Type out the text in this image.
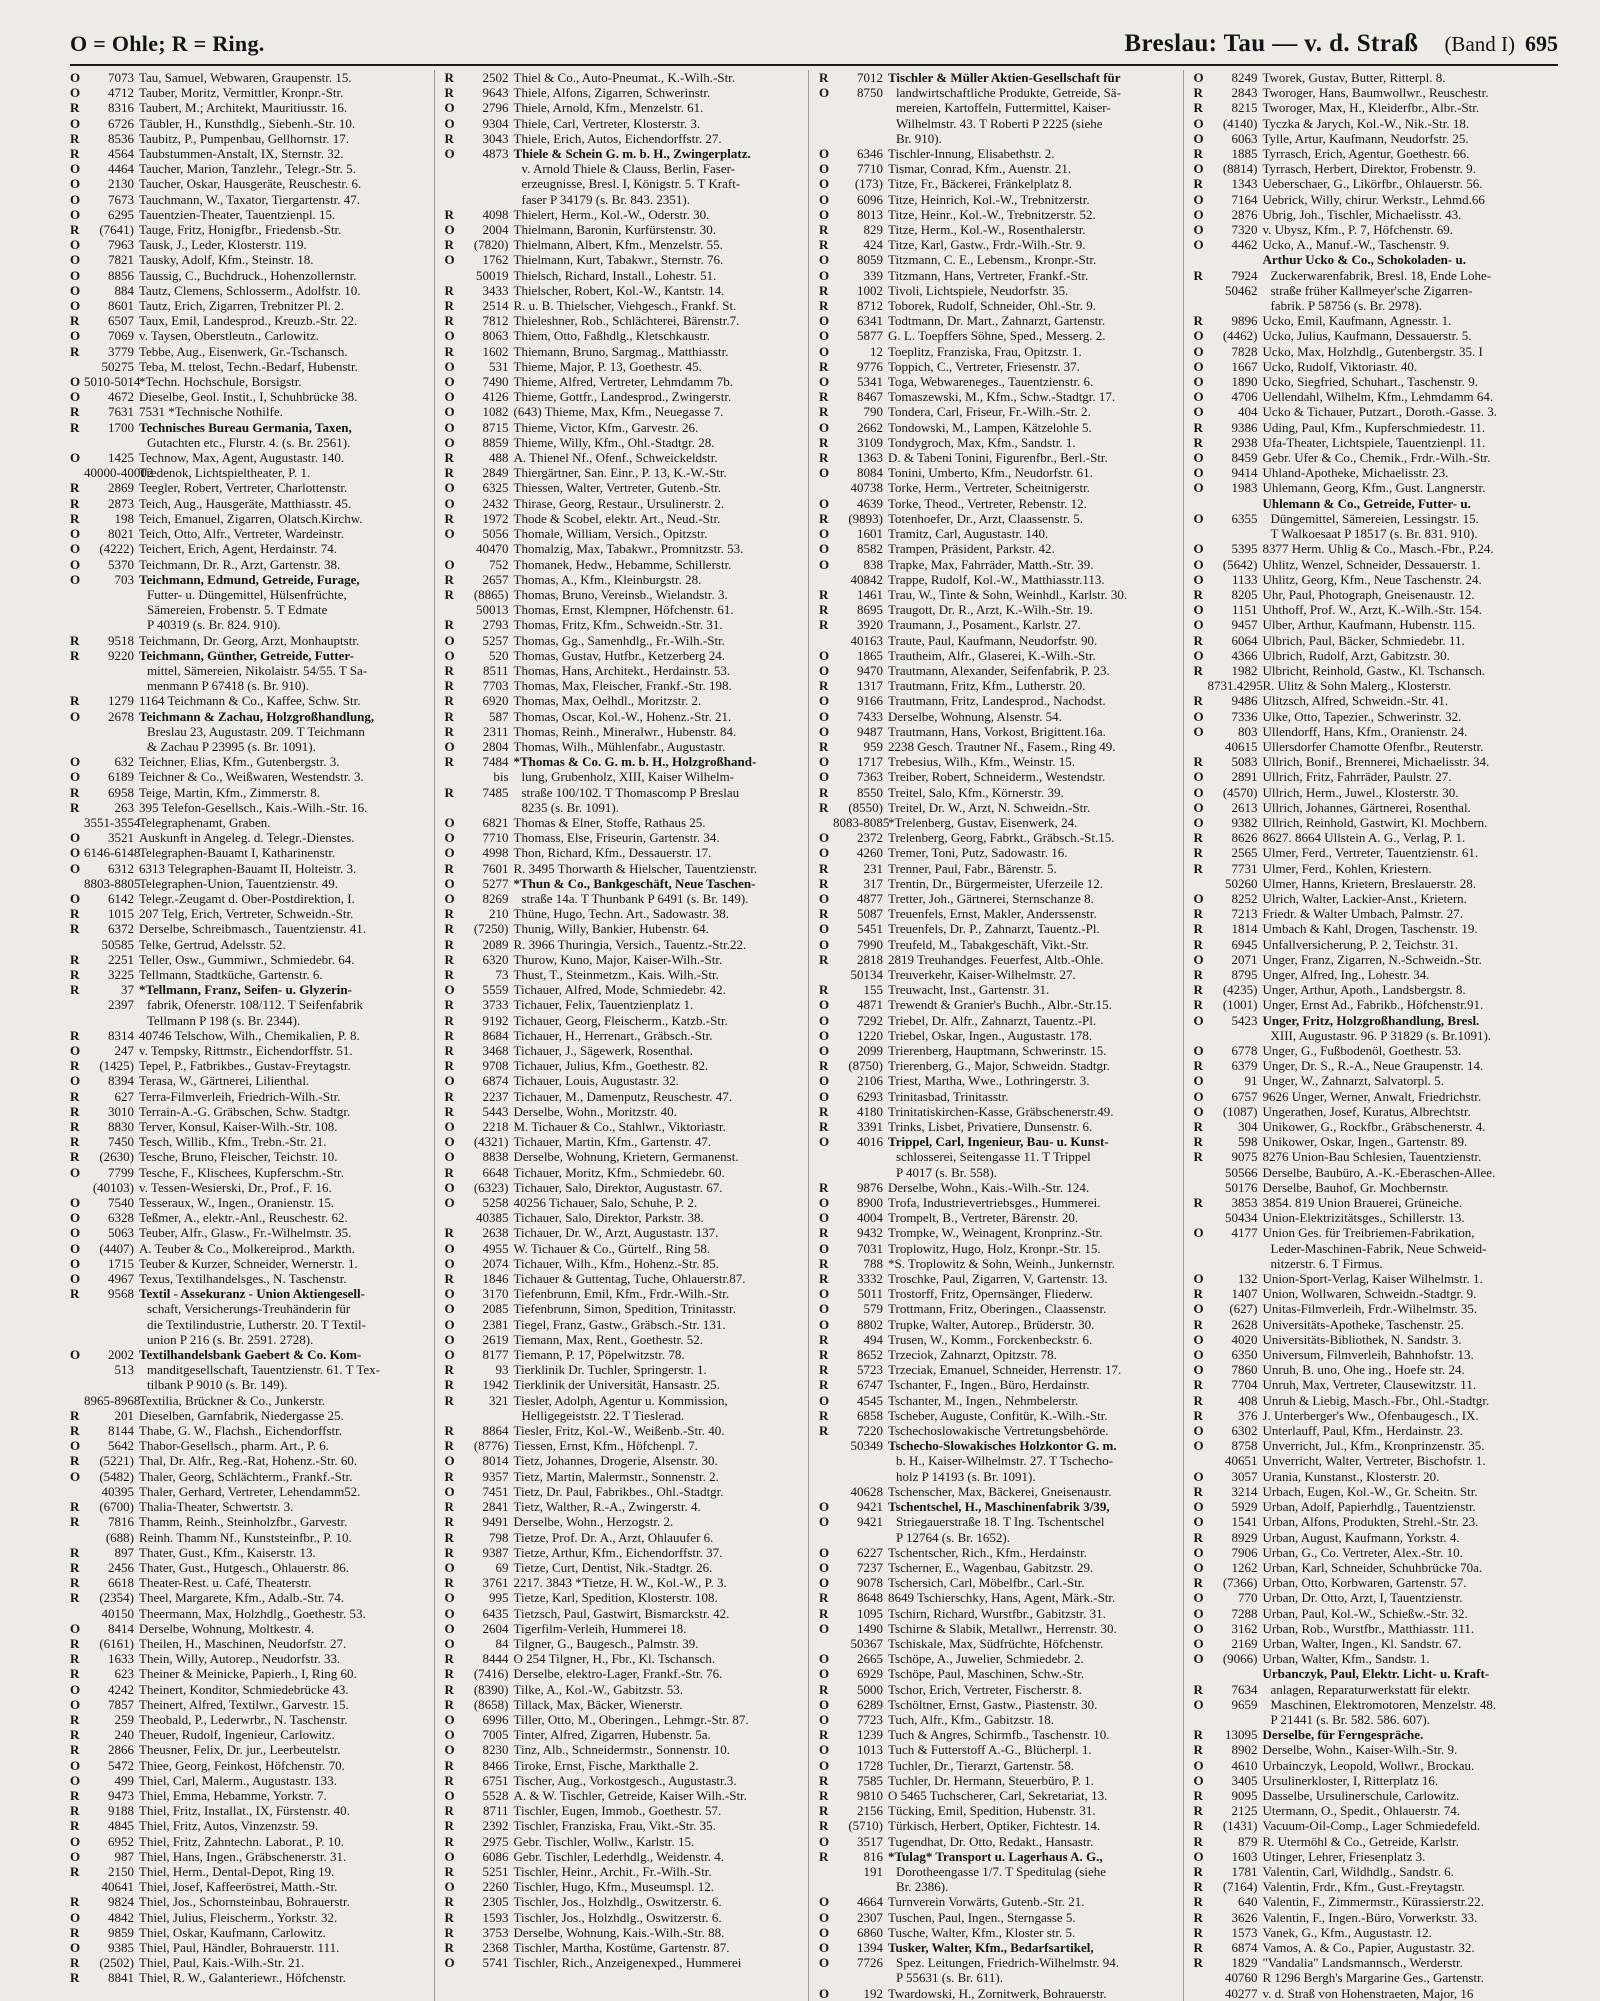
O = Ohle; R = Ring.	Breslau: Tau — v. d. Straß (Band I) 695
O	7073 Tau, Samuel, Webwaren, Graupenstr. 15.
O	4712 Tauber, Moritz, Vermittler, Kronpr.-Str.
R	8316 Taubert, M.; Architekt, Mauritiusstr. 16.
O	6726 Täubler, H., Kunsthdlg., Siebenh.-Str. 10.
R	8536 Taubitz, P., Pumpenbau, Gellhornstr. 17.
R	4564 Taubstummen-Anstalt, IX, Sternstr. 32.
O	4464 Taucher, Marion, Tanzlehr., Telegr.-Str. 5.
O	2130 Taucher, Oskar, Hausgeräte, Reuschestr. 6.
O	7673 Tauchmann, W., Taxator, Tiergartenstr. 47.
O	6295 Tauentzien-Theater, Tauentzienpl. 15.
R	(7641) Tauge, Fritz, Honigfbr., Friedensb.-Str.
O	7963 Tausk, J., Leder, Klosterstr. 119.
O	7821 Tausky, Adolf, Kfm., Steinstr. 18.
O	8856 Taussig, C., Buchdruck., Hohenzollernstr.
O	884 Tautz, Clemens, Schlosserm., Adolfstr. 10.
O	8601 Tautz, Erich, Zigarren, Trebnitzer Pl. 2.
R	6507 Taux, Emil, Landesprod., Kreuzb.-Str. 22.
O	7069 v. Taysen, Oberstleutn., Carlowitz.
R	3779 Tebbe, Aug., Eisenwerk, Gr.-Tschansch.
50275 Teba, M. ttelost, Techn.-Bedarf, Hubenstr.
O 5010-5014
*Techn. Hochschule, Borsigstr.
O	4672 Dieselbe, Geol. Instit., I, Schuhbrücke 38.
R	7631 7531 *Technische Nothilfe.
R	1700 Technisches Bureau Germania, Taxen,
Gutachten etc., Flurstr. 4. (s. Br. 2561).
O	1425 Technow, Max, Agent, Augustastr. 140.
40000-40002
Tredenok, Lichtspieltheater, P. 1.
R	2869 Teegler, Robert, Vertreter, Charlottenstr.
R	2873 Teich, Aug., Hausgeräte, Matthiasstr. 45.
R	198 Teich, Emanuel, Zigarren, Olatsch.Kirchw.
O	8021 Teich, Otto, Alfr., Vertreter, Wardeinstr.
O	(4222) Teichert, Erich, Agent, Herdainstr. 74.
O	5370 Teichmann, Dr. R., Arzt, Gartenstr. 38.
O	703 Teichmann, Edmund, Getreide, Furage,
Futter- u. Düngemittel, Hülsenfrüchte,
Sämereien, Frobenstr. 5. T Edmate
P 40319 (s. Br. 824. 910).
R	9518 Teichmann, Dr. Georg, Arzt, Monhauptstr.
R	9220 Teichmann, Günther, Getreide, Futter-
mittel, Sämereien, Nikolaistr. 54/55. T Sa-
menmann P 67418 (s. Br. 910).
R	1279 1164 Teichmann & Co., Kaffee, Schw. Str.
O	2678 Teichmann & Zachau, Holzgroßhandlung,
Breslau 23, Augustastr. 209. T Teichmann
& Zachau P 23995 (s. Br. 1091).
O	632 Teichner, Elias, Kfm., Gutenbergstr. 3.
O	6189 Teichner & Co., Weißwaren, Westendstr. 3.
R	6958 Teige, Martin, Kfm., Zimmerstr. 8.
R	263 395 Telefon-Gesellsch., Kais.-Wilh.-Str. 16.
3551-3554
Telegraphenamt, Graben.
O	3521 Auskunft in Angeleg. d. Telegr.-Dienstes.
O 6146-6148
Telegraphen-Bauamt I, Katharinenstr.
O	6312 6313 Telegraphen-Bauamt II, Holteistr. 3.
8803-8805
Telegraphen-Union, Tauentzienstr. 49.
O	6142 Telegr.-Zeugamt d. Ober-Postdirektion, I.
R	1015 207 Telg, Erich, Vertreter, Schweidn.-Str.
R	6372 Derselbe, Schreibmasch., Tauentzienstr. 41.
50585 Telke, Gertrud, Adelsstr. 52.
R	2251 Teller, Osw., Gummiwr., Schmiedebr. 64.
R	3225 Tellmann, Stadtküche, Gartenstr. 6.
R	37 *Tellmann, Franz, Seifen- u. Glyzerin-
2397	fabrik, Ofenerstr. 108/112. T Seifenfabrik
Tellmann P 198 (s. Br. 2344).
R	8314 40746 Telschow, Wilh., Chemikalien, P. 8.
O	247 v. Tempsky, Rittmstr., Eichendorffstr. 51.
R	(1425) Tepel, P., Fatbrikbes., Gustav-Freytagstr.
O	8394 Terasa, W., Gärtnerei, Lilienthal.
R	627 Terra-Filmverleih, Friedrich-Wilh.-Str.
R	3010 Terrain-A.-G. Gräbschen, Schw. Stadtgr.
R	8830 Terver, Konsul, Kaiser-Wilh.-Str. 108.
R	7450 Tesch, Willib., Kfm., Trebn.-Str. 21.
R	(2630) Tesche, Bruno, Fleischer, Teichstr. 10.
O	7799 Tesche, F., Klischees, Kupferschm.-Str.
(40103) v. Tessen-Wesierski, Dr., Prof., F. 16.
O	7540 Tesseraux, W., Ingen., Oranienstr. 15.
O	6328 Teßmer, A., elektr.-Anl., Reuschestr. 62.
O	5063 Teuber, Alfr., Glasw., Fr.-Wilhelmstr. 35.
O	(4407) A. Teuber & Co., Molkereiprod., Markth.
O	1715 Teuber & Kurzer, Schneider, Wernerstr. 1.
O	4967 Texus, Textilhandelsges., N. Taschenstr.
R	9568 Textil - Assekuranz - Union Aktiengesell-
schaft, Versicherungs-Treuhänderin für
die Textilindustrie, Lutherstr. 20. T Textil-
union P 216 (s. Br. 2591. 2728).
O	2002 Textilhandelsbank Gaebert & Co. Kom-
513	manditgesellschaft, Tauentzienstr. 61. T Tex-
tilbank P 9010 (s. Br. 149).
8965-8968
Textilia, Brückner & Co., Junkerstr.
R	201 Dieselben, Garnfabrik, Niedergasse 25.
R	8144 Thabe, G. W., Flachsh., Eichendorffstr.
O	5642 Thabor-Gesellsch., pharm. Art., P. 6.
R	(5221) Thal, Dr. Alfr., Reg.-Rat, Hohenz.-Str. 60.
O	(5482) Thaler, Georg, Schlächterm., Frankf.-Str.
40395 Thaler, Gerhard, Vertreter, Lehendamm52.
R	(6700) Thalia-Theater, Schwertstr. 3.
R	7816 Thamm, Reinh., Steinholzfbr., Garvestr.
(688) Reinh. Thamm Nf., Kunststeinfbr., P. 10.
R	897 Thater, Gust., Kfm., Kaiserstr. 13.
R	2456 Thater, Gust., Hutgesch., Ohlauerstr. 86.
R	6618 Theater-Rest. u. Café, Theaterstr.
R	(2354) Theel, Margarete, Kfm., Adalb.-Str. 74.
40150 Theermann, Max, Holzhdlg., Goethestr. 53.
O	8414 Derselbe, Wohnung, Moltkestr. 4.
R	(6161) Theilen, H., Maschinen, Neudorfstr. 27.
R	1633 Thein, Willy, Autorep., Neudorfstr. 33.
R	623 Theiner & Meinicke, Papierh., I, Ring 60.
O	4242 Theinert, Konditor, Schmiedebrücke 43.
O	7857 Theinert, Alfred, Textilwr., Garvestr. 15.
R	259 Theobald, P., Lederwrbr., N. Taschenstr.
R	240 Theuer, Rudolf, Ingenieur, Carlowitz.
R	2866 Theusner, Felix, Dr. jur., Leerbeutelstr.
O	5472 Thiee, Georg, Feinkost, Höfchenstr. 70.
O	499 Thiel, Carl, Malerm., Augustastr. 133.
R	9473 Thiel, Emma, Hebamme, Yorkstr. 7.
R	9188 Thiel, Fritz, Installat., IX, Fürstenstr. 40.
R	4845 Thiel, Fritz, Autos, Vinzenzstr. 59.
O	6952 Thiel, Fritz, Zahntechn. Laborat., P. 10.
O	987 Thiel, Hans, Ingen., Gräbschenerstr. 31.
R	2150 Thiel, Herm., Dental-Depot, Ring 19.
40641 Thiel, Josef, Kaffeeröstrei, Matth.-Str.
R	9824 Thiel, Jos., Schornsteinbau, Bohrauerstr.
O	4842 Thiel, Julius, Fleischerm., Yorkstr. 32.
R	9859 Thiel, Oskar, Kaufmann, Carlowitz.
O	9385 Thiel, Paul, Händler, Bohrauerstr. 111.
R	(2502) Thiel, Paul, Kais.-Wilh.-Str. 21.
R	8841 Thiel, R. W., Galanteriewr., Höfchenstr.
R	2502 Thiel & Co., Auto-Pneumat., K.-Wilh.-Str.
R	9643 Thiele, Alfons, Zigarren, Schwerinstr.
O	2796 Thiele, Arnold, Kfm., Menzelstr. 61.
O	9304 Thiele, Carl, Vertreter, Klosterstr. 3.
R	3043 Thiele, Erich, Autos, Eichendorffstr. 27.
O	4873 Thiele & Schein G. m. b. H., Zwingerplatz.
v. Arnold Thiele & Clauss, Berlin, Faser-
erzeugnisse, Bresl. I, Königstr. 5. T Kraft-
faser P 34179 (s. Br. 843. 2351).
R	4098 Thielert, Herm., Kol.-W., Oderstr. 30.
O	2004 Thielmann, Baronin, Kurfürstenstr. 30.
R	(7820) Thielmann, Albert, Kfm., Menzelstr. 55.
O	1762 Thielmann, Kurt, Tabakwr., Sternstr. 76.
50019 Thielsch, Richard, Install., Lohestr. 51.
R	3433 Thielscher, Robert, Kol.-W., Kantstr. 14.
R	2514 R. u. B. Thielscher, Viehgesch., Frankf. St.
R	7812 Thieleshner, Rob., Schlächterei, Bärenstr.7.
O	8063 Thiem, Otto, Faßhdlg., Kletschkaustr.
R	1602 Thiemann, Bruno, Sargmag., Matthiasstr.
O	531 Thieme, Major, P. 13, Goethestr. 45.
O	7490 Thieme, Alfred, Vertreter, Lehmdamm 7b.
O	4126 Thieme, Gottfr., Landesprod., Zwingerstr.
O	1082 (643) Thieme, Max, Kfm., Neuegasse 7.
O	8715 Thieme, Victor, Kfm., Garvestr. 26.
O	8859 Thieme, Willy, Kfm., Ohl.-Stadtgr. 28.
R	488 A. Thienel Nf., Ofenf., Schweickeldstr.
R	2849 Thiergärtner, San. Einr., P. 13, K.-W.-Str.
O	6325 Thiessen, Walter, Vertreter, Gutenb.-Str.
O	2432 Thirase, Georg, Restaur., Ursulinerstr. 2.
R	1972 Thode & Scobel, elektr. Art., Neud.-Str.
O	5056 Thomale, William, Versich., Opitzstr.
40470 Thomalzig, Max, Tabakwr., Promnitzstr. 53.
O	752 Thomanek, Hedw., Hebamme, Schillerstr.
R	2657 Thomas, A., Kfm., Kleinburgstr. 28.
R	(8865) Thomas, Bruno, Vereinsb., Wielandstr. 3.
50013 Thomas, Ernst, Klempner, Höfchenstr. 61.
R	2793 Thomas, Fritz, Kfm., Schweidn.-Str. 31.
O	5257 Thomas, Gg., Samenhdlg., Fr.-Wilh.-Str.
O	520 Thomas, Gustav, Hutfbr., Ketzerberg 24.
R	8511 Thomas, Hans, Architekt., Herdainstr. 53.
R	7703 Thomas, Max, Fleischer, Frankf.-Str. 198.
R	6920 Thomas, Max, Oelhdl., Moritzstr. 2.
R	587 Thomas, Oscar, Kol.-W., Hohenz.-Str. 21.
R	2311 Thomas, Reinh., Mineralwr., Hubenstr. 84.
O	2804 Thomas, Wilh., Mühlenfabr., Augustastr.
R	7484 *Thomas & Co. G. m. b. H., Holzgroßhand-
bis	lung, Grubenholz, XIII, Kaiser Wilhelm-
R	7485	straße 100/102. T Thomascomp P Breslau
8235 (s. Br. 1091).
O	6821 Thomas & Elner, Stoffe, Rathaus 25.
O	7710 Thomass, Else, Friseurin, Gartenstr. 34.
O	4998 Thon, Richard, Kfm., Dessauerstr. 17.
R	7601 R. 3495 Thorwarth & Hielscher, Tauentzienstr.
O	5277 *Thun & Co., Bankgeschäft, Neue Taschen-
O	8269	straße 14a. T Thunbank P 6491 (s. Br. 149).
R	210 Thüne, Hugo, Techn. Art., Sadowastr. 38.
R	(7250) Thunig, Willy, Bankier, Hubenstr. 64.
R	2089 R. 3966 Thuringia, Versich., Tauentz.-Str.22.
R	6320 Thurow, Kuno, Major, Kaiser-Wilh.-Str.
R	73 Thust, T., Steinmetzm., Kais. Wilh.-Str.
O	5559 Tichauer, Alfred, Mode, Schmiedebr. 42.
R	3733 Tichauer, Felix, Tauentzienplatz 1.
R	9192 Tichauer, Georg, Fleischerm., Katzb.-Str.
R	8684 Tichauer, H., Herrenart., Gräbsch.-Str.
R	3468 Tichauer, J., Sägewerk, Rosenthal.
R	9708 Tichauer, Julius, Kfm., Goethestr. 82.
O	6874 Tichauer, Louis, Augustastr. 32.
R	2237 Tichauer, M., Damenputz, Reuschestr. 47.
R	5443 Derselbe, Wohn., Moritzstr. 40.
O	2218 M. Tichauer & Co., Stahlwr., Viktoriastr.
O	(4321) Tichauer, Martin, Kfm., Gartenstr. 47.
O	8838 Derselbe, Wohnung, Krietern, Germanenst.
R	6648 Tichauer, Moritz, Kfm., Schmiedebr. 60.
O	(6323) Tichauer, Salo, Direktor, Augustastr. 67.
O	5258 40256 Tichauer, Salo, Schuhe, P. 2.
40385 Tichauer, Salo, Direktor, Parkstr. 38.
R	2638 Tichauer, Dr. W., Arzt, Augustastr. 137.
O	4955 W. Tichauer & Co., Gürtelf., Ring 58.
O	2074 Tichauer, Wilh., Kfm., Hohenz.-Str. 85.
R	1846 Tichauer & Guttentag, Tuche, Ohlauerstr.87.
O	3170 Tiefenbrunn, Emil, Kfm., Frdr.-Wilh.-Str.
O	2085 Tiefenbrunn, Simon, Spedition, Trinitasstr.
O	2381 Tiegel, Franz, Gastw., Gräbsch.-Str. 131.
O	2619 Tiemann, Max, Rent., Goethestr. 52.
O	8177 Tiemann, P. 17, Pöpelwitzstr. 78.
R	93 Tierklinik Dr. Tuchler, Springerstr. 1.
R	1942 Tierklinik der Universität, Hansastr. 25.
R	321 Tiesler, Adolph, Agentur u. Kommission,
Helligegeiststr. 22. T Tieslerad.
R	8864 Tiesler, Fritz, Kol.-W., Weißenb.-Str. 40.
R	(8776) Tiessen, Ernst, Kfm., Höfchenpl. 7.
O	8014 Tietz, Johannes, Drogerie, Alsenstr. 30.
R	9357 Tietz, Martin, Malermstr., Sonnenstr. 2.
O	7451 Tietz, Dr. Paul, Fabrikbes., Ohl.-Stadtgr.
R	2841 Tietz, Walther, R.-A., Zwingerstr. 4.
R	9491 Derselbe, Wohn., Herzogstr. 2.
R	798 Tietze, Prof. Dr. A., Arzt, Ohlauufer 6.
R	9387 Tietze, Arthur, Kfm., Eichendorffstr. 37.
O	69 Tietze, Curt, Dentist, Nik.-Stadtgr. 26.
R	3761 2217. 3843 *Tietze, H. W., Kol.-W., P. 3.
O	995 Tietze, Karl, Spedition, Klosterstr. 108.
O	6435 Tietzsch, Paul, Gastwirt, Bismarckstr. 42.
O	2604 Tigerfilm-Verleih, Hummerei 18.
O	84 Tilgner, G., Baugesch., Palmstr. 39.
R	8444 O 254 Tilgner, H., Fbr., Kl. Tschansch.
R	(7416) Derselbe, elektro-Lager, Frankf.-Str. 76.
R	(8390) Tilke, A., Kol.-W., Gabitzstr. 53.
R	(8658) Tillack, Max, Bäcker, Wienerstr.
O	6996 Tiller, Otto, M., Oberingen., Lehmgr.-Str. 87.
O	7005 Tinter, Alfred, Zigarren, Hubenstr. 5a.
O	8230 Tinz, Alb., Schneidermstr., Sonnenstr. 10.
R	8466 Tiroke, Ernst, Fische, Markthalle 2.
R	6751 Tischer, Aug., Vorkostgesch., Augustastr.3.
O	5528 A. & W. Tischler, Getreide, Kaiser Wilh.-Str.
R	8711 Tischler, Eugen, Immob., Goethestr. 57.
R	2392 Tischler, Franziska, Frau, Vikt.-Str. 35.
R	2975 Gebr. Tischler, Wollw., Karlstr. 15.
O	6086 Gebr. Tischler, Lederhdlg., Weidenstr. 4.
R	5251 Tischler, Heinr., Archit., Fr.-Wilh.-Str.
O	2260 Tischler, Hugo, Kfm., Museumspl. 12.
R	2305 Tischler, Jos., Holzhdlg., Oswitzerstr. 6.
R	1593 Tischler, Jos., Holzhdlg., Oswitzerstr. 6.
R	3753 Derselbe, Wohnung, Kais.-Wilh.-Str. 88.
R	2368 Tischler, Martha, Kostüme, Gartenstr. 87.
O	5741 Tischler, Rich., Anzeigenexped., Hummerei
R	7012 Tischler & Müller Aktien-Gesellschaft für
O	8750	landwirtschaftliche Produkte, Getreide, Sä-
mereien, Kartoffeln, Futtermittel, Kaiser-
Wilhelmstr. 43. T Roberti P 2225 (siehe
Br. 910).
O	6346 Tischler-Innung, Elisabethstr. 2.
O	7710 Tismar, Conrad, Kfm., Auenstr. 21.
O	(173) Titze, Fr., Bäckerei, Fränkelplatz 8.
O	6096 Titze, Heinrich, Kol.-W., Trebnitzerstr.
O	8013 Titze, Heinr., Kol.-W., Trebnitzerstr. 52.
R	829 Titze, Herm., Kol.-W., Rosenthalerstr.
R	424 Titze, Karl, Gastw., Frdr.-Wilh.-Str. 9.
O	8059 Titzmann, C. E., Lebensm., Kronpr.-Str.
O	339 Titzmann, Hans, Vertreter, Frankf.-Str.
R	1002 Tivoli, Lichtspiele, Neudorfstr. 35.
R	8712 Toborek, Rudolf, Schneider, Ohl.-Str. 9.
O	6341 Todtmann, Dr. Mart., Zahnarzt, Gartenstr.
O	5877 G. L. Toepffers Söhne, Sped., Messerg. 2.
O	12 Toeplitz, Franziska, Frau, Opitzstr. 1.
R	9776 Toppich, C., Vertreter, Friesenstr. 37.
O	5341 Toga, Webwareneges., Tauentzienstr. 6.
R	8467 Tomaszewski, M., Kfm., Schw.-Stadtgr. 17.
R	790 Tondera, Carl, Friseur, Fr.-Wilh.-Str. 2.
O	2662 Tondowski, M., Lampen, Kätzelohle 5.
R	3109 Tondygroch, Max, Kfm., Sandstr. 1.
R	1363 D. & Tabeni Tonini, Figurenfbr., Berl.-Str.
O	8084 Tonini, Umberto, Kfm., Neudorfstr. 61.
40738 Torke, Herm., Vertreter, Scheitnigerstr.
O	4639 Torke, Theod., Vertreter, Rebenstr. 12.
R	(9893) Totenhoefer, Dr., Arzt, Claassenstr. 5.
O	1601 Tramitz, Carl, Augustastr. 140.
O	8582 Trampen, Präsident, Parkstr. 42.
O	838 Trapke, Max, Fahrräder, Matth.-Str. 39.
40842 Trappe, Rudolf, Kol.-W., Matthiasstr.113.
R	1461 Trau, W., Tinte & Sohn, Weinhdl., Karlstr. 30.
R	8695 Traugott, Dr. R., Arzt, K.-Wilh.-Str. 19.
R	3920 Traumann, J., Posament., Karlstr. 27.
40163 Traute, Paul, Kaufmann, Neudorfstr. 90.
O	1865 Trautheim, Alfr., Glaserei, K.-Wilh.-Str.
O	9470 Trautmann, Alexander, Seifenfabrik, P. 23.
R	1317 Trautmann, Fritz, Kfm., Lutherstr. 20.
O	9166 Trautmann, Fritz, Landesprod., Nachodst.
O	7433 Derselbe, Wohnung, Alsenstr. 54.
O	9487 Trautmann, Hans, Vorkost, Brigittent.16a.
R	959 2238 Gesch. Trautner Nf., Fasem., Ring 49.
O	1717 Trebesius, Wilh., Kfm., Weinstr. 15.
O	7363 Treiber, Robert, Schneiderm., Westendstr.
R	8550 Treitel, Salo, Kfm., Körnerstr. 39.
R	(8550) Treitel, Dr. W., Arzt, N. Schweidn.-Str.
8083-8085
*Trelenberg, Gustav, Eisenwerk, 24.
O	2372 Trelenberg, Georg, Fabrkt., Gräbsch.-St.15.
O	4260 Tremer, Toni, Putz, Sadowastr. 16.
R	231 Trenner, Paul, Fabr., Bärenstr. 5.
R	317 Trentin, Dr., Bürgermeister, Uferzeile 12.
O	4877 Tretter, Joh., Gärtnerei, Sternschanze 8.
R	5087 Treuenfels, Ernst, Makler, Anderssenstr.
O	5451 Treuenfels, Dr. P., Zahnarzt, Tauentz.-Pl.
O	7990 Treufeld, M., Tabakgeschäft, Vikt.-Str.
R	2818 2819 Treuhandges. Feuerfest, Altb.-Ohle.
50134 Treuverkehr, Kaiser-Wilhelmstr. 27.
R	155 Treuwacht, Inst., Gartenstr. 31.
O	4871 Trewendt & Granier's Buchh., Albr.-Str.15.
O	7292 Triebel, Dr. Alfr., Zahnarzt, Tauentz.-Pl.
O	1220 Triebel, Oskar, Ingen., Augustastr. 178.
O	2099 Trierenberg, Hauptmann, Schwerinstr. 15.
R	(8750) Trierenberg, G., Major, Schweidn. Stadtgr.
O	2106 Triest, Martha, Wwe., Lothringerstr. 3.
O	6293 Trinitasbad, Trinitasstr.
R	4180 Trinitatiskirchen-Kasse, Gräbschenerstr.49.
R	3391 Trinks, Lisbet, Privatiere, Dunsenstr. 6.
O	4016 Trippel, Carl, Ingenieur, Bau- u. Kunst-
schlosserei, Seitengasse 11. T Trippel
P 4017 (s. Br. 558).
R	9876 Derselbe, Wohn., Kais.-Wilh.-Str. 124.
O	8900 Trofa, Industrievertriebsges., Hummerei.
O	4004 Trompelt, B., Vertreter, Bärenstr. 20.
R	9432 Trompke, W., Weinagent, Kronprinz.-Str.
O	7031 Troplowitz, Hugo, Holz, Kronpr.-Str. 15.
R	788 *S. Troplowitz & Sohn, Weinh., Junkernstr.
R	3332 Troschke, Paul, Zigarren, V, Gartenstr. 13.
O	5011 Trostorff, Fritz, Opernsänger, Fliederw.
O	579 Trottmann, Fritz, Oberingen., Claassenstr.
O	8802 Trupke, Walter, Autorep., Brüderstr. 30.
R	494 Trusen, W., Komm., Forckenbeckstr. 6.
R	8652 Trzeciok, Zahnarzt, Opitzstr. 78.
R	5723 Trzeciak, Emanuel, Schneider, Herrenstr. 17.
R	6747 Tschanter, F., Ingen., Büro, Herdainstr.
O	4545 Tschanter, M., Ingen., Nehmbelerstr.
R	6858 Tscheber, Auguste, Confitür, K.-Wilh.-Str.
R	7220 Tschechoslowakische Vertretungsbehörde.
50349 Tschecho-Slowakisches Holzkontor G. m.
b. H., Kaiser-Wilhelmstr. 27. T Tschecho-
holz P 14193 (s. Br. 1091).
40628 Tschenscher, Max, Bäckerei, Gneisenaustr.
O	9421 Tschentschel, H., Maschinenfabrik 3/39,
O	9421	Striegauerstraße 18. T Ing. Tschentschel
P 12764 (s. Br. 1652).
O	6227 Tschentscher, Rich., Kfm., Herdainstr.
O	7237 Tscherner, E., Wagenbau, Gabitzstr. 29.
O	9078 Tschersich, Carl, Möbelfbr., Carl.-Str.
R	8648 8649 Tschierschky, Hans, Agent, Märk.-Str.
R	1095 Tschirn, Richard, Wurstfbr., Gabitzstr. 31.
O	1490 Tschirne & Slabik, Metallwr., Herrenstr. 30.
50367 Tschiskale, Max, Südfrüchte, Höfchenstr.
O	2665 Tschöpe, A., Juwelier, Schmiedebr. 2.
O	6929 Tschöpe, Paul, Maschinen, Schw.-Str.
R	5000 Tschor, Erich, Vertreter, Fischerstr. 8.
O	6289 Tschöltner, Ernst, Gastw., Piastenstr. 30.
O	7723 Tuch, Alfr., Kfm., Gabitzstr. 18.
R	1239 Tuch & Angres, Schirmfb., Taschenstr. 10.
O	1013 Tuch & Futterstoff A.-G., Blücherpl. 1.
O	1728 Tuchler, Dr., Tierarzt, Gartenstr. 58.
R	7585 Tuchler, Dr. Hermann, Steuerbüro, P. 1.
R	9810 O 5465 Tuchscherer, Carl, Sekretariat, 13.
R	2156 Tücking, Emil, Spedition, Hubenstr. 31.
R	(5710) Türkisch, Herbert, Optiker, Fichtestr. 14.
O	3517 Tugendhat, Dr. Otto, Redakt., Hansastr.
R	816 *Tulag* Transport u. Lagerhaus A. G.,
191	Dorotheengasse 1/7. T Speditulag (siehe
Br. 2386).
O	4664 Turnverein Vorwärts, Gutenb.-Str. 21.
O	2307 Tuschen, Paul, Ingen., Sterngasse 5.
O	6860 Tusche, Walter, Kfm., Kloster str. 5.
O	1394 Tusker, Walter, Kfm., Bedarfsartikel,
O	7726	Spez. Leitungen, Friedrich-Wilhelmstr. 94.
P 55631 (s. Br. 611).
O	192 Twardowski, H., Zornitwerk, Bohrauerstr.
O	8249 Tworek, Gustav, Butter, Ritterpl. 8.
R	2843 Tworoger, Hans, Baumwollwr., Reuschestr.
R	8215 Tworoger, Max, H., Kleiderfbr., Albr.-Str.
O	(4140) Tyczka & Jarych, Kol.-W., Nik.-Str. 18.
O	6063 Tylle, Artur, Kaufmann, Neudorfstr. 25.
R	1885 Tyrrasch, Erich, Agentur, Goethestr. 66.
O	(8814) Tyrrasch, Herbert, Direktor, Frobenstr. 9.
R	1343 Ueberschaer, G., Likörfbr., Ohlauerstr. 56.
O	7164 Uebrick, Willy, chirur. Werkstr., Lehmd.66
O	2876 Ubrig, Joh., Tischler, Michaelisstr. 43.
O	7320 v. Ubysz, Kfm., P. 7, Höfchenstr. 69.
O	4462 Ucko, A., Manuf.-W., Taschenstr. 9.
Arthur Ucko & Co., Schokoladen- u.
R	7924	Zuckerwarenfabrik, Bresl. 18, Ende Lohe-
50462	straße früher Kallmeyer'sche Zigarren-
fabrik. P 58756 (s. Br. 2978).
R	9896 Ucko, Emil, Kaufmann, Agnesstr. 1.
O	(4462) Ucko, Julius, Kaufmann, Dessauerstr. 5.
O	7828 Ucko, Max, Holzhdlg., Gutenbergstr. 35. I
O	1667 Ucko, Rudolf, Viktoriastr. 40.
O	1890 Ucko, Siegfried, Schuhart., Taschenstr. 9.
O	4706 Uellendahl, Wilhelm, Kfm., Lehmdamm 64.
O	404 Ucko & Tichauer, Putzart., Doroth.-Gasse. 3.
R	9386 Uding, Paul, Kfm., Kupferschmiedestr. 11.
R	2938 Ufa-Theater, Lichtspiele, Tauentzienpl. 11.
O	8459 Gebr. Ufer & Co., Chemik., Frdr.-Wilh.-Str.
O	9414 Uhland-Apotheke, Michaelisstr. 23.
O	1983 Uhlemann, Georg, Kfm., Gust. Langnerstr.
Uhlemann & Co., Getreide, Futter- u.
O	6355	Düngemittel, Sämereien, Lessingstr. 15.
T Walkoesaat P 18517 (s. Br. 831. 910).
O	5395 8377 Herm. Uhlig & Co., Masch.-Fbr., P.24.
O	(5642) Uhlitz, Wenzel, Schneider, Dessauerstr. 1.
O	1133 Uhlitz, Georg, Kfm., Neue Taschenstr. 24.
R	8205 Uhr, Paul, Photograph, Gneisenaustr. 12.
O	1151 Uhthoff, Prof. W., Arzt, K.-Wilh.-Str. 154.
O	9457 Ulber, Arthur, Kaufmann, Hubenstr. 115.
R	6064 Ulbrich, Paul, Bäcker, Schmiedebr. 11.
O	4366 Ulbrich, Rudolf, Arzt, Gabitzstr. 30.
R	1982 Ulbricht, Reinhold, Gastw., Kl. Tschansch.
8731.4295 R. Ulitz & Sohn Malerg., Klosterstr.
R	9486 Ulitzsch, Alfred, Schweidn.-Str. 41.
O	7336 Ulke, Otto, Tapezier., Schwerinstr. 32.
O	803 Ullendorff, Hans, Kfm., Oranienstr. 24.
40615 Ullersdorfer Chamotte Ofenfbr., Reuterstr.
R	5083 Ullrich, Bonif., Brennerei, Michaelisstr. 34.
O	2891 Ullrich, Fritz, Fahrräder, Paulstr. 27.
O	(4570) Ullrich, Herm., Juwel., Klosterstr. 30.
O	2613 Ullrich, Johannes, Gärtnerei, Rosenthal.
O	9382 Ullrich, Reinhold, Gastwirt, Kl. Mochbern.
R	8626 8627. 8664 Ullstein A. G., Verlag, P. 1.
R	2565 Ulmer, Ferd., Vertreter, Tauentzienstr. 61.
R	7731 Ulmer, Ferd., Kohlen, Kriestern.
50260 Ulmer, Hanns, Krietern, Breslauerstr. 28.
O	8252 Ulrich, Walter, Lackier-Anst., Krietern.
R	7213 Friedr. & Walter Umbach, Palmstr. 27.
R	1814 Umbach & Kahl, Drogen, Taschenstr. 19.
R	6945 Unfallversicherung, P. 2, Teichstr. 31.
O	2071 Unger, Franz, Zigarren, N.-Schweidn.-Str.
R	8795 Unger, Alfred, Ing., Lohestr. 34.
R	(4235) Unger, Arthur, Apoth., Landsbergstr. 8.
R	(1001) Unger, Ernst Ad., Fabrikb., Höfchenstr.91.
O	5423 Unger, Fritz, Holzgroßhandlung, Bresl.
XIII, Augustastr. 96. P 31829 (s. Br.1091).
O	6778 Unger, G., Fußbodenöl, Goethestr. 53.
R	6379 Unger, Dr. S., R.-A., Neue Graupenstr. 14.
O	91 Unger, W., Zahnarzt, Salvatorpl. 5.
O	6757 9626 Unger, Werner, Anwalt, Friedrichstr.
O	(1087) Ungerathen, Josef, Kuratus, Albrechtstr.
R	304 Unikower, G., Rockfbr., Gräbschenerstr. 4.
R	598 Unikower, Oskar, Ingen., Gartenstr. 89.
R	9075 8276 Union-Bau Schlesien, Tauentzienstr.
50566 Derselbe, Baubüro, A.-K.-Eberaschen-Allee.
50176 Derselbe, Bauhof, Gr. Mochbernstr.
R	3853 3854. 819 Union Brauerei, Grüneiche.
50434 Union-Elektrizitätsges., Schillerstr. 13.
O	4177 Union Ges. für Treibriemen-Fabrikation,
Leder-Maschinen-Fabrik, Neue Schweid-
nitzerstr. 6. T Firmus.
O	132 Union-Sport-Verlag, Kaiser Wilhelmstr. 1.
R	1407 Union, Wollwaren, Schweidn.-Stadtgr. 9.
O	(627) Unitas-Filmverleih, Frdr.-Wilhelmstr. 35.
R	2628 Universitäts-Apotheke, Taschenstr. 25.
O	4020 Universitäts-Bibliothek, N. Sandstr. 3.
O	6350 Universum, Filmverleih, Bahnhofstr. 13.
O	7860 Unruh, B. uno, Ohe ing., Hoefe str. 24.
R	7704 Unruh, Max, Vertreter, Clausewitzstr. 11.
R	408 Unruh & Liebig, Masch.-Fbr., Ohl.-Stadtgr.
R	376 J. Unterberger's Ww., Ofenbaugesch., IX.
O	6302 Unterlauff, Paul, Kfm., Herdainstr. 23.
O	8758 Unverricht, Jul., Kfm., Kronprinzenstr. 35.
40651 Unverricht, Walter, Vertreter, Bischofstr. 1.
O	3057 Urania, Kunstanst., Klosterstr. 20.
R	3214 Urbach, Eugen, Kol.-W., Gr. Scheitn. Str.
O	5929 Urban, Adolf, Papierhdlg., Tauentzienstr.
O	1541 Urban, Alfons, Produkten, Strehl.-Str. 23.
R	8929 Urban, August, Kaufmann, Yorkstr. 4.
O	7906 Urban, G., Co. Vertreter, Alex.-Str. 10.
O	1262 Urban, Karl, Schneider, Schuhbrücke 70a.
R	(7366) Urban, Otto, Korbwaren, Gartenstr. 57.
O	770 Urban, Dr. Otto, Arzt, I, Tauentzienstr.
O	7288 Urban, Paul, Kol.-W., Schießw.-Str. 32.
O	3162 Urban, Rob., Wurstfbr., Matthiasstr. 111.
O	2169 Urban, Walter, Ingen., Kl. Sandstr. 67.
O	(9066) Urban, Walter, Kfm., Sandstr. 1.
Urbanczyk, Paul, Elektr. Licht- u. Kraft-
R	7634	anlagen, Reparaturwerkstatt für elektr.
O	9659	Maschinen, Elektromotoren, Menzelstr. 48.
P 21441 (s. Br. 582. 586. 607).
R	13095 Derselbe, für Ferngespräche.
R	8902 Derselbe, Wohn., Kaiser-Wilh.-Str. 9.
O	4610 Urbainczyk, Leopold, Wollwr., Brockau.
O	3405 Ursulinerkloster, I, Ritterplatz 16.
R	9095 Dasselbe, Ursulinerschule, Carlowitz.
R	2125 Utermann, O., Spedit., Ohlauerstr. 74.
R	(1431) Vacuum-Oil-Comp., Lager Schmiedefeld.
R	879 R. Utermöhl & Co., Getreide, Karlstr.
O	1603 Utinger, Lehrer, Friesenplatz 3.
R	1781 Valentin, Carl, Wildhdlg., Sandstr. 6.
R	(7164) Valentin, Frdr., Kfm., Gust.-Freytagstr.
R	640 Valentin, F., Zimmermstr., Kürassierstr.22.
R	3626 Valentin, F., Ingen.-Büro, Vorwerkstr. 33.
R	1573 Vanek, G., Kfm., Augustastr. 12.
R	6874 Vamos, A. & Co., Papier, Augustastr. 32.
R	1829 "Vandalia" Landsmannsch., Werderstr.
40760 R 1296 Bergh's Margarine Ges., Gartenstr.
40277 v. d. Straß von Hohenstraeten, Major, 16
